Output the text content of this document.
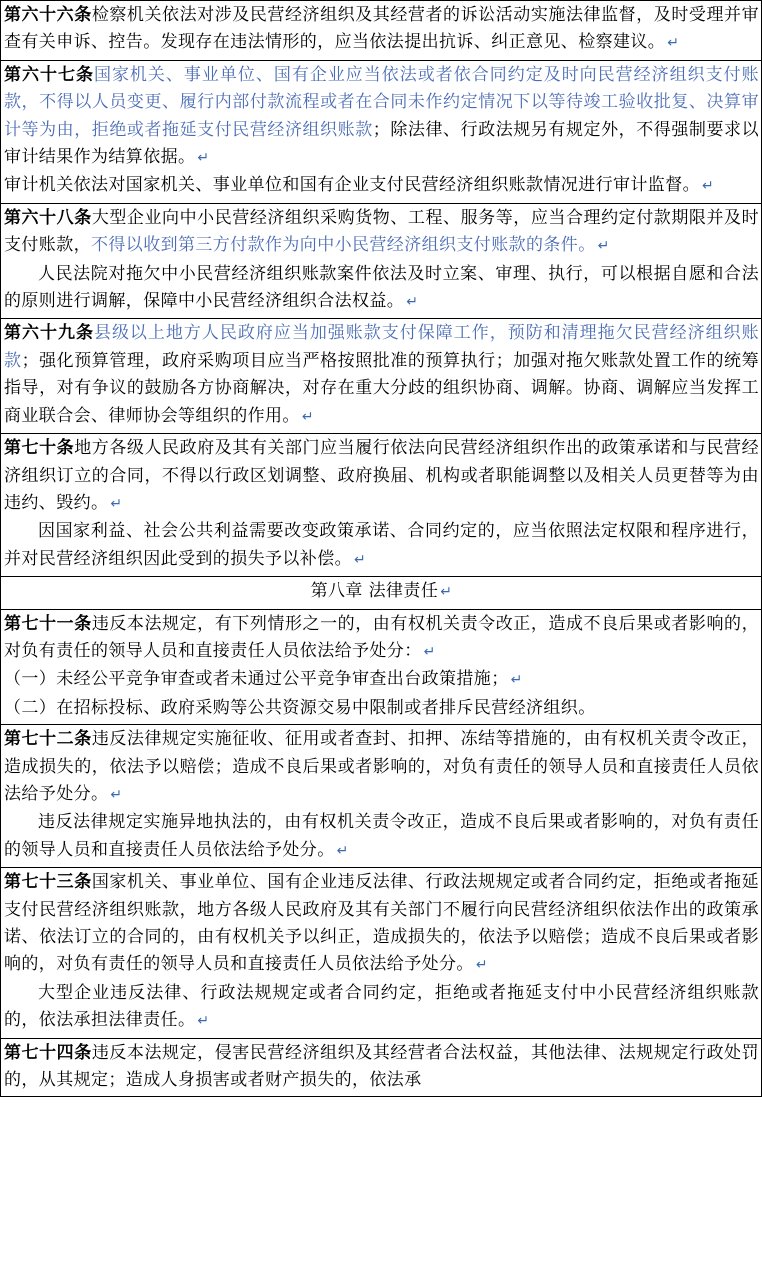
第六十六条检察机关依法对涉及民营经济组织及其经营者的诉讼活动实施法律监督，及时受理并审查有关申诉、控告。发现存在违法情形的，应当依法提出抗诉、纠正意见、检察建议。 ↵

第六十七条国家机关、事业单位、国有企业应当依法或者依合同约定及时向民营经济组织支付账款，不得以人员变更、履行内部付款流程或者在合同未作约定情况下以等待竣工验收批复、决算审计等为由，拒绝或者拖延支付民营经济组织账款；除法律、行政法规另有规定外，不得强制要求以审计结果作为结算依据。 ↵

审计机关依法对国家机关、事业单位和国有企业支付民营经济组织账款情况进行审计监督。 ↵

第六十八条大型企业向中小民营经济组织采购货物、工程、服务等，应当合理约定付款期限并及时支付账款，不得以收到第三方付款作为向中小民营经济组织支付账款的条件。 ↵

人民法院对拖欠中小民营经济组织账款案件依法及时立案、审理、执行，可以根据自愿和合法的原则进行调解，保障中小民营经济组织合法权益。 ↵

第六十九条县级以上地方人民政府应当加强账款支付保障工作，预防和清理拖欠民营经济组织账款；强化预算管理，政府采购项目应当严格按照批准的预算执行；加强对拖欠账款处置工作的统筹指导，对有争议的鼓励各方协商解决，对存在重大分歧的组织协商、调解。协商、调解应当发挥工商业联合会、律师协会等组织的作用。 ↵

第七十条地方各级人民政府及其有关部门应当履行依法向民营经济组织作出的政策承诺和与民营经济组织订立的合同，不得以行政区划调整、政府换届、机构或者职能调整以及相关人员更替等为由违约、毁约。 ↵

因国家利益、社会公共利益需要改变政策承诺、合同约定的，应当依照法定权限和程序进行，并对民营经济组织因此受到的损失予以补偿。 ↵

第八章 法律责任 ↵

第七十一条违反本法规定，有下列情形之一的，由有权机关责令改正，造成不良后果或者影响的，对负有责任的领导人员和直接责任人员依法给予处分： ↵

（一）未经公平竞争审查或者未通过公平竞争审查出台政策措施； ↵

（二）在招标投标、政府采购等公共资源交易中限制或者排斥民营经济组织。

第七十二条违反法律规定实施征收、征用或者查封、扣押、冻结等措施的，由有权机关责令改正，造成损失的，依法予以赔偿；造成不良后果或者影响的，对负有责任的领导人员和直接责任人员依法给予处分。 ↵

违反法律规定实施异地执法的，由有权机关责令改正，造成不良后果或者影响的，对负有责任的领导人员和直接责任人员依法给予处分。 ↵

第七十三条国家机关、事业单位、国有企业违反法律、行政法规规定或者合同约定，拒绝或者拖延支付民营经济组织账款，地方各级人民政府及其有关部门不履行向民营经济组织依法作出的政策承诺、依法订立的合同的，由有权机关予以纠正，造成损失的，依法予以赔偿；造成不良后果或者影响的，对负有责任的领导人员和直接责任人员依法给予处分。 ↵

大型企业违反法律、行政法规规定或者合同约定，拒绝或者拖延支付中小民营经济组织账款的，依法承担法律责任。 ↵

第七十四条违反本法规定，侵害民营经济组织及其经营者合法权益，其他法律、法规规定行政处罚的，从其规定；造成人身损害或者财产损失的，依法承
